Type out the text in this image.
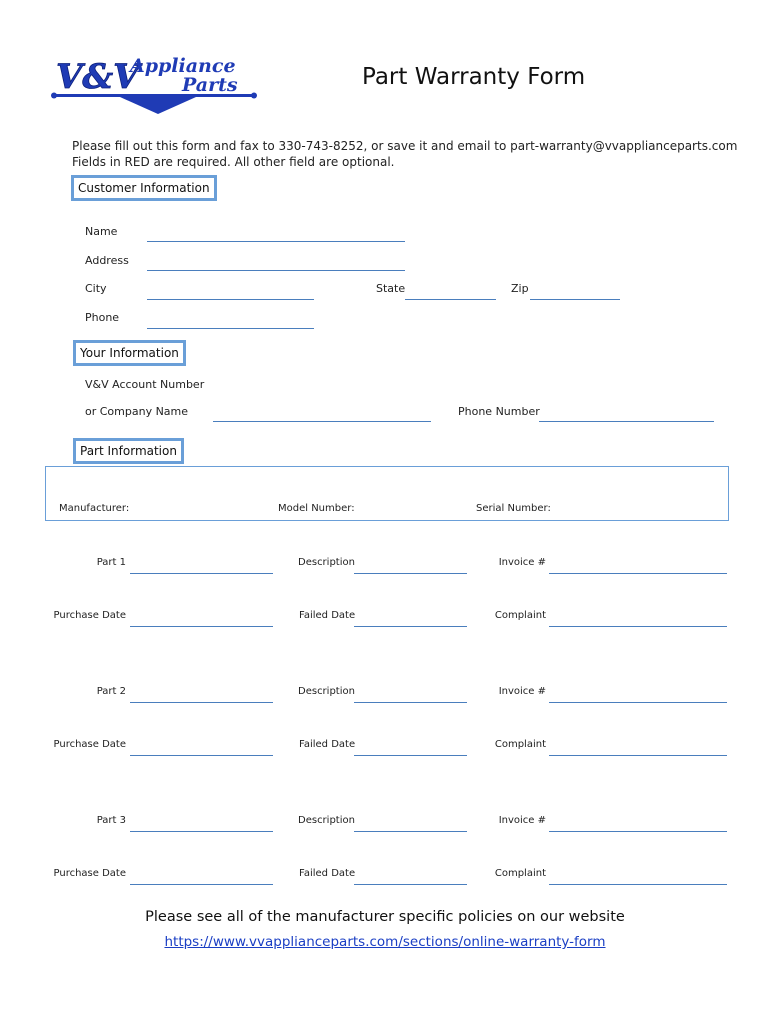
V&V
Appliance
Parts	Part Warranty Form
Please fill out this form and fax to 330-743-8252, or save it and email to part-warranty@vvapplianceparts.com
Fields in RED are required. All other field are optional.
Customer Information
Name
Address
City	State	Zip
Phone
Your Information
V&V Account Number
or Company Name	Phone Number
Part Information
Manufacturer:	Model Number:	Serial Number:
Part 1	Description	Invoice #
Purchase Date	Failed Date	Complaint
Part 2	Description	Invoice #
Purchase Date	Failed Date	Complaint
Part 3	Description	Invoice #
Purchase Date	Failed Date	Complaint
Please see all of the manufacturer specific policies on our website
https://www.vvapplianceparts.com/sections/online-warranty-form
